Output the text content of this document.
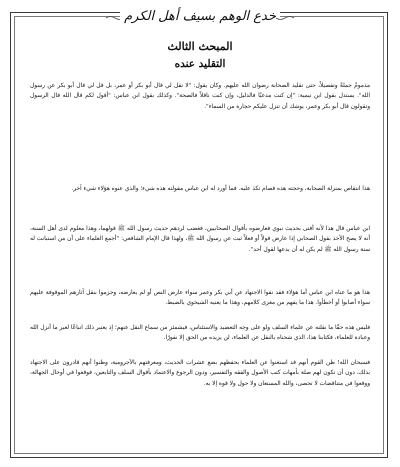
خدع الوهم بسيف أهل الكرم
المبحث الثالث
التقليد عنده

مذمومٌ جملةً وتفصيلاً، حتى تقليد الصحابة رضوان الله عليهم. وكان يقول: "لا تقل لي قال أبو بكر أو عمر، بل قل لي قال أبو بكر عن رسول الله". يستدل بقول ابن تيمية: "إن كنت مدعيًا فالدليل، وإن كنت ناقلاً فالصحة". وكذلك بقول ابن عباس: "أقول لكم قال الله قال الرسول وتقولون قال أبو بكر وعمر، يوشك أن تنزل عليكم حجارة من السماء".

هذا انتقاص بمنزلة الصحابة، وحجته هذه قصام تكذ عليه. فما أورد له ابن عباس مقولته هذه شيء؛ والذي عنوه هؤلاء شيء آخر.

ابن عباس قال هذا لأنه أفتى بحديث نبوي فعارضوه بأقوال الصحابيين، فغضب لردهم حديث رسول الله ﷺ قولهما، وهذا معلوم لدى أهل السنة، أنه لا يصح الأخذ بقول الصحابي إذا عارض قولاً أو فعلاً ثبت عن رسول الله ﷺ، ولهذا قال الإمام الشافعي: "أجمع العلماء على أن من استبانت له سنة رسول الله ﷺ لم يكن له أن يدعها لقول أحد".

هذا هو ما عناه ابن عباس أما هؤلاء فقد نفوا الاجتهاد عن أبي بكر وعمر سواء عارض النص أو لم يعارضه، وجزموا بنقل آثارهم الموقوفة عليهم سواء أصابوا أو أخطأوا. هذا ما يفهم من مغزى كلامهم، وهذا ما يعنيه الشيخوي بالضبط.

فليس هذه حقًا ما نقلته عن علماء السلف ولو على وجه التعضيد والاستئناس، فيشمئز من سماع النقل عنهم؛ إذ يعتبر ذلك اتباعًا لغير ما أنزل الله وعبادة للعلماء، فكتابنا هذا، الذي شحناه بالنقل عن العلماء، لن يزيده من الحق إلا نفورًا.

فسبحان الله! ظن القوم أنهم قد استغنوا عن العلماء بحفظهم بضع عشرات الحديث، ومعرفتهم بالآجرومية، وظنوا أنهم قادرون على الاجتهاد بذلك، دون أن تكون لهم صلة بأمهات كتب الأصول والفقه والتفسير، ودون الرجوع والاعتماد بأقوال السلف والتابعين، فوقعوا في أوحال الجهالة، ووقعوا في متناقضات لا تحصى، والله المستعان ولا حول ولا قوة إلا به.
